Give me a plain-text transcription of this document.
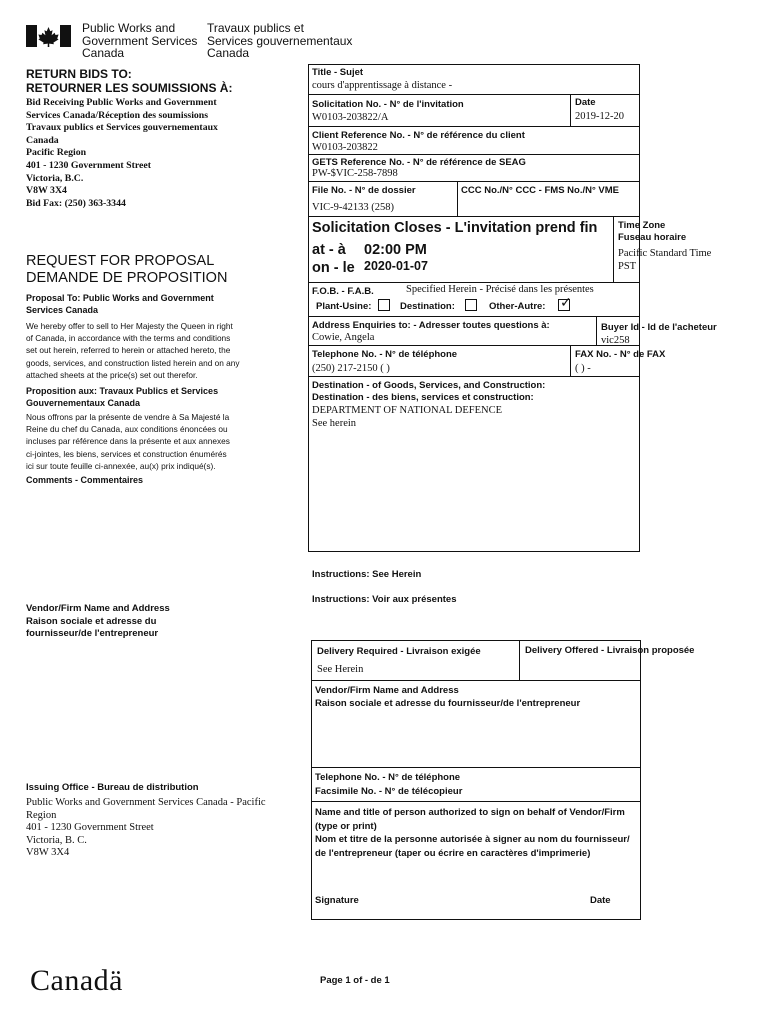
Public Works and
Government Services
Canada
Travaux publics et
Services gouvernementaux
Canada
RETURN BIDS TO:
RETOURNER LES SOUMISSIONS À:
Bid Receiving Public Works and Government
Services Canada/Réception des soumissions
Travaux publics et Services gouvernementaux
Canada
Pacific Region
401 - 1230 Government Street
Victoria, B.C.
V8W 3X4
Bid Fax: (250) 363-3344
REQUEST FOR PROPOSAL
DEMANDE DE PROPOSITION
Proposal To: Public Works and Government
Services Canada
We hereby offer to sell to Her Majesty the Queen in right
of Canada, in accordance with the terms and conditions
set out herein, referred to herein or attached hereto, the
goods, services, and construction listed herein and on any
attached sheets at the price(s) set out therefor.
Proposition aux: Travaux Publics et Services
Gouvernementaux Canada
Nous offrons par la présente de vendre à Sa Majesté la
Reine du chef du Canada, aux conditions énoncées ou
incluses par référence dans la présente et aux annexes
ci-jointes, les biens, services et construction énumérés
ici sur toute feuille ci-annexée, au(x) prix indiqué(s).
Comments - Commentaires
Vendor/Firm Name and Address
Raison sociale et adresse du
fournisseur/de l'entrepreneur
Issuing Office - Bureau de distribution
Public Works and Government Services Canada - Pacific
Region
401 - 1230 Government Street
Victoria, B. C.
V8W 3X4
Canadä
Title - Sujet
cours d'apprentissage à distance -
Solicitation No. - N° de l'invitation
W0103-203822/A
Date
2019-12-20
Client Reference No. - N° de référence du client
W0103-203822
GETS Reference No. - N° de référence de SEAG
PW-$VIC-258-7898
File No. - N° de dossier
VIC-9-42133 (258)
CCC No./N° CCC - FMS No./N° VME
Solicitation Closes - L'invitation prend fin
at - à 02:00 PM
on - le 2020-01-07
Time Zone
Fuseau horaire
Pacific Standard Time
PST
F.O.B. - F.A.B.	Specified Herein - Précisé dans les présentes
Plant-Usine:	Destination:	Other-Autre: ✓
Address Enquiries to: - Adresser toutes questions à:
Cowie, Angela
Buyer Id - Id de l'acheteur
vic258
Telephone No. - N° de téléphone
(250) 217-2150 ( )
FAX No. - N° de FAX
( ) -
Destination - of Goods, Services, and Construction:
Destination - des biens, services et construction:
DEPARTMENT OF NATIONAL DEFENCE
See herein
Instructions: See Herein
Instructions: Voir aux présentes
Delivery Required - Livraison exigée
See Herein
Delivery Offered - Livraison proposée
Vendor/Firm Name and Address
Raison sociale et adresse du fournisseur/de l'entrepreneur
Telephone No. - N° de téléphone
Facsimile No. - N° de télécopieur
Name and title of person authorized to sign on behalf of Vendor/Firm
(type or print)
Nom et titre de la personne autorisée à signer au nom du fournisseur/
de l'entrepreneur (taper ou écrire en caractères d'imprimerie)
Signature	Date
Page 1 of - de 1
